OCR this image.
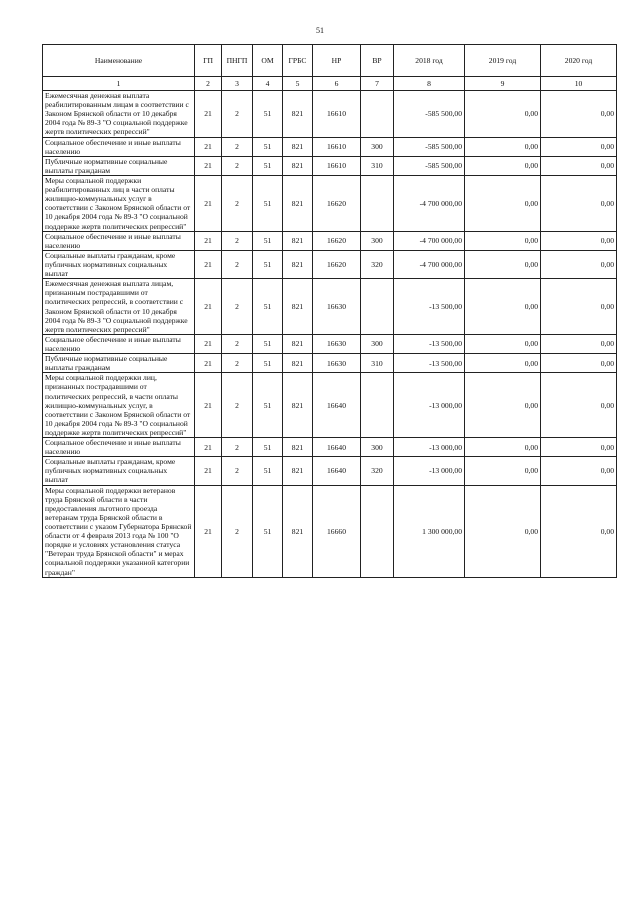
51
Наименование	ГП	ПНГП	ОМ	ГРБС	НР	ВР	2018 год	2019 год	2020 год
1	2	3	4	5	6	7	8	9	10
Ежемесячная денежная выплата реабилитированным лицам в соответствии с Законом Брянской области от 10 декабря 2004 года № 89-З "О социальной поддержке жертв политических репрессий"	21	2	51	821	16610		-585 500,00	0,00	0,00
Социальное обеспечение и иные выплаты населению	21	2	51	821	16610	300	-585 500,00	0,00	0,00
Публичные нормативные социальные выплаты гражданам	21	2	51	821	16610	310	-585 500,00	0,00	0,00
Меры социальной поддержки реабилитированных лиц в части оплаты жилищно-коммунальных услуг в соответствии с Законом Брянской области от 10 декабря 2004 года № 89-З "О социальной поддержке жертв политических репрессий"	21	2	51	821	16620		-4 700 000,00	0,00	0,00
Социальное обеспечение и иные выплаты населению	21	2	51	821	16620	300	-4 700 000,00	0,00	0,00
Социальные выплаты гражданам, кроме публичных нормативных социальных выплат	21	2	51	821	16620	320	-4 700 000,00	0,00	0,00
Ежемесячная денежная выплата лицам, признанным пострадавшими от политических репрессий, в соответствии с Законом Брянской области от 10 декабря 2004 года № 89-З "О социальной поддержке жертв политических репрессий"	21	2	51	821	16630		-13 500,00	0,00	0,00
Социальное обеспечение и иные выплаты населению	21	2	51	821	16630	300	-13 500,00	0,00	0,00
Публичные нормативные социальные выплаты гражданам	21	2	51	821	16630	310	-13 500,00	0,00	0,00
Меры социальной поддержки лиц, признанных пострадавшими от политических репрессий, в части оплаты жилищно-коммунальных услуг, в соответствии с Законом Брянской области от 10 декабря 2004 года № 89-З "О социальной поддержке жертв политических репрессий"	21	2	51	821	16640		-13 000,00	0,00	0,00
Социальное обеспечение и иные выплаты населению	21	2	51	821	16640	300	-13 000,00	0,00	0,00
Социальные выплаты гражданам, кроме публичных нормативных социальных выплат	21	2	51	821	16640	320	-13 000,00	0,00	0,00
Меры социальной поддержки ветеранов труда Брянской области в части предоставления льготного проезда ветеранам труда Брянской области в соответствии с указом Губернатора Брянской области от 4 февраля 2013 года № 100 "О порядке и условиях установления статуса "Ветеран труда Брянской области" и мерах социальной поддержки указанной категории граждан"	21	2	51	821	16660		1 300 000,00	0,00	0,00
